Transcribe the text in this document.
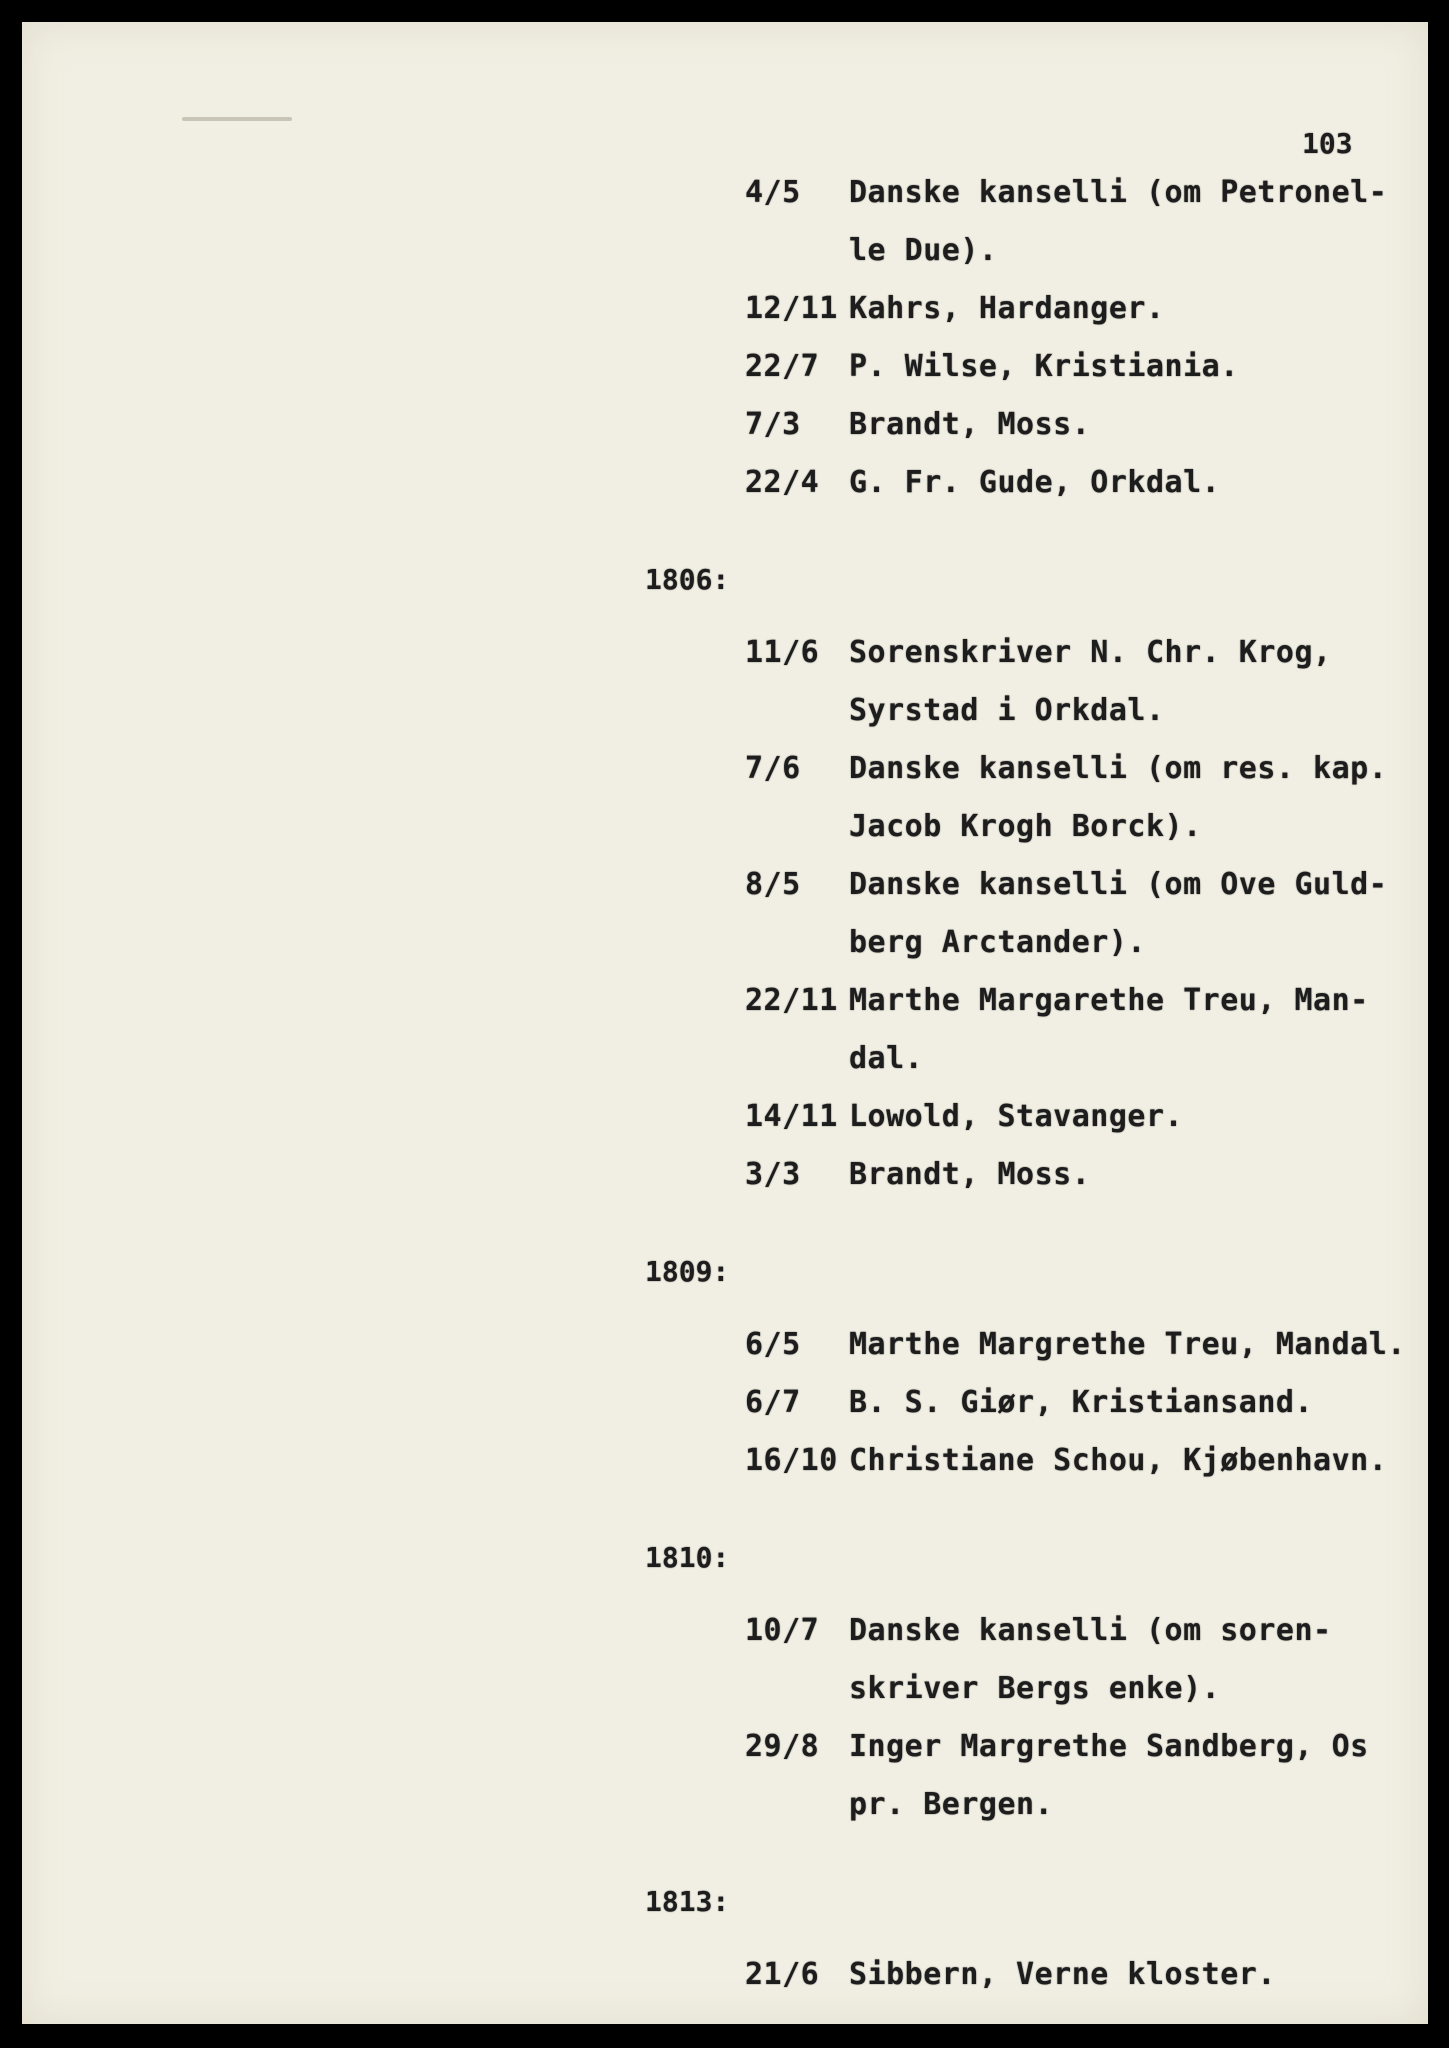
103
4/5 Danske kanselli (om Petronel-
le Due).
12/11 Kahrs, Hardanger.
22/7 P. Wilse, Kristiania.
7/3 Brandt, Moss.
22/4 G. Fr. Gude, Orkdal.
1806:
11/6 Sorenskriver N. Chr. Krog,
Syrstad i Orkdal.
7/6 Danske kanselli (om res. kap.
Jacob Krogh Borck).
8/5 Danske kanselli (om Ove Guld-
berg Arctander).
22/11 Marthe Margarethe Treu, Man-
dal.
14/11 Lowold, Stavanger.
3/3 Brandt, Moss.
1809:
6/5 Marthe Margrethe Treu, Mandal.
6/7 B. S. Giør, Kristiansand.
16/10 Christiane Schou, Kjøbenhavn.
1810:
10/7 Danske kanselli (om soren-
skriver Bergs enke).
29/8 Inger Margrethe Sandberg, Os
pr. Bergen.
1813:
21/6 Sibbern, Verne kloster.
